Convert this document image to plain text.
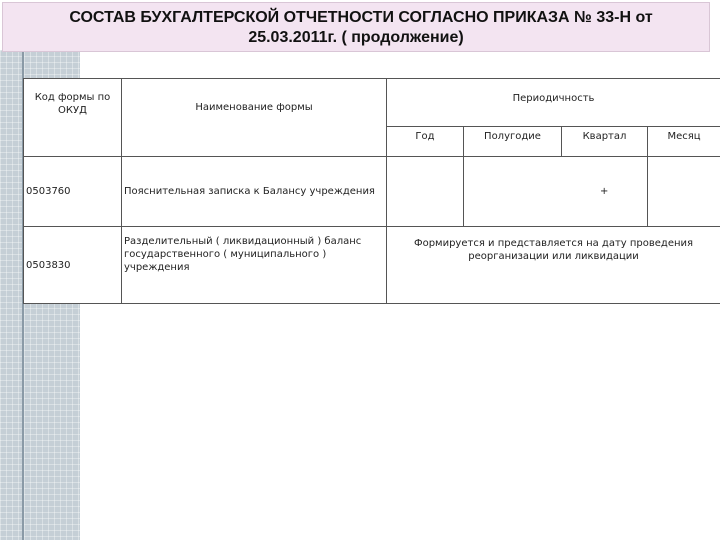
СОСТАВ БУХГАЛТЕРСКОЙ ОТЧЕТНОСТИ СОГЛАСНО ПРИКАЗА № 33-Н от
25.03.2011г. ( продолжение)
Код формы по ОКУД	Наименование формы	Периодичность			
		Год	Полугодие	Квартал	Месяц
0503760	Пояснительная записка к Балансу учреждения			+	
0503830	Разделительный ( ликвидационный ) баланс государственного ( муниципального ) учреждения	Формируется и представляется на дату проведения реорганизации или ликвидации			
